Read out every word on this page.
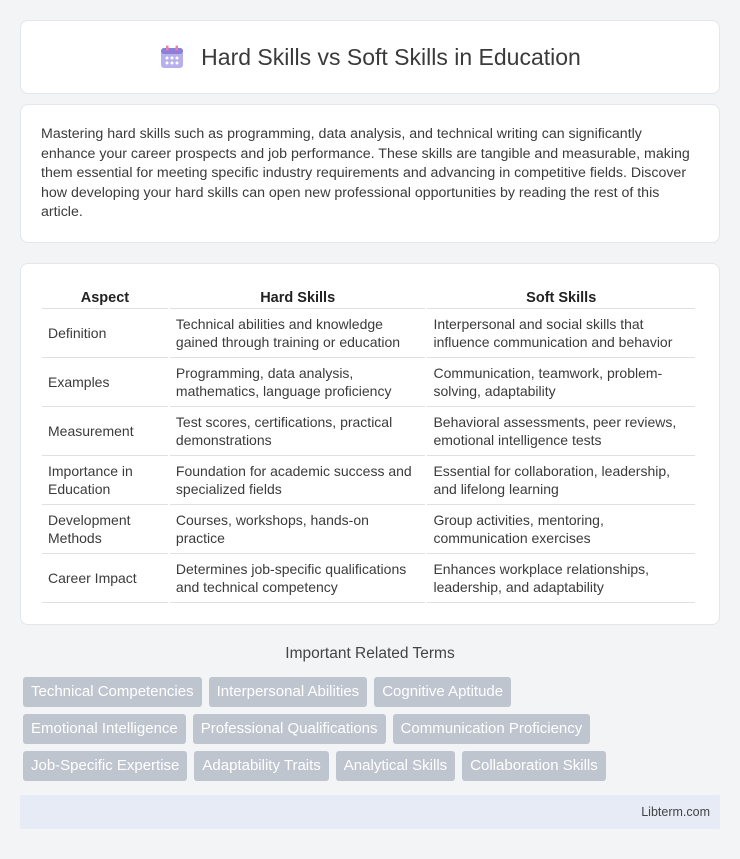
Hard Skills vs Soft Skills in Education

Mastering hard skills such as programming, data analysis, and technical writing can significantly enhance your career prospects and job performance. These skills are tangible and measurable, making them essential for meeting specific industry requirements and advancing in competitive fields. Discover how developing your hard skills can open new professional opportunities by reading the rest of this article.

Aspect	Hard Skills	Soft Skills
Definition	Technical abilities and knowledge gained through training or education	Interpersonal and social skills that influence communication and behavior
Examples	Programming, data analysis, mathematics, language proficiency	Communication, teamwork, problem-solving, adaptability
Measurement	Test scores, certifications, practical demonstrations	Behavioral assessments, peer reviews, emotional intelligence tests
Importance in Education	Foundation for academic success and specialized fields	Essential for collaboration, leadership, and lifelong learning
Development Methods	Courses, workshops, hands-on practice	Group activities, mentoring, communication exercises
Career Impact	Determines job-specific qualifications and technical competency	Enhances workplace relationships, leadership, and adaptability
Important Related Terms
Technical Competencies	Interpersonal Abilities	Cognitive Aptitude
Emotional Intelligence	Professional Qualifications	Communication Proficiency
Job-Specific Expertise	Adaptability Traits	Analytical Skills	Collaboration Skills
Libterm.com
